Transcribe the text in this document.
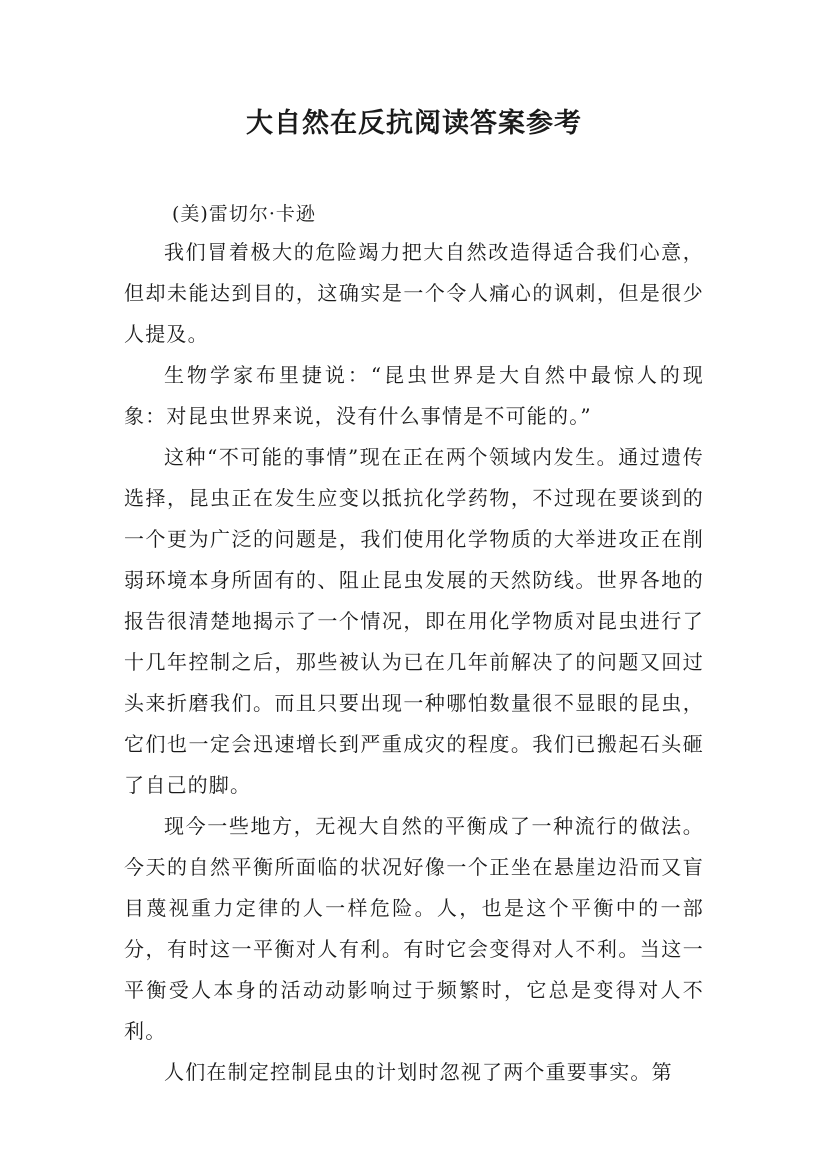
大自然在反抗阅读答案参考
(美)雷切尔·卡逊

我们冒着极大的危险竭力把大自然改造得适合我们心意，但却未能达到目的，这确实是一个令人痛心的讽刺，但是很少人提及。

生物学家布里捷说：“昆虫世界是大自然中最惊人的现象：对昆虫世界来说，没有什么事情是不可能的。”

这种“不可能的事情”现在正在两个领域内发生。通过遗传选择，昆虫正在发生应变以抵抗化学药物，不过现在要谈到的一个更为广泛的问题是，我们使用化学物质的大举进攻正在削弱环境本身所固有的、阻止昆虫发展的天然防线。世界各地的报告很清楚地揭示了一个情况，即在用化学物质对昆虫进行了十几年控制之后，那些被认为已在几年前解决了的问题又回过头来折磨我们。而且只要出现一种哪怕数量很不显眼的昆虫，它们也一定会迅速增长到严重成灾的程度。我们已搬起石头砸了自己的脚。

现今一些地方，无视大自然的平衡成了一种流行的做法。今天的自然平衡所面临的状况好像一个正坐在悬崖边沿而又盲目蔑视重力定律的人一样危险。人，也是这个平衡中的一部分，有时这一平衡对人有利。有时它会变得对人不利。当这一平衡受人本身的活动动影响过于频繁时，它总是变得对人不利。

人们在制定控制昆虫的计划时忽视了两个重要事实。第
